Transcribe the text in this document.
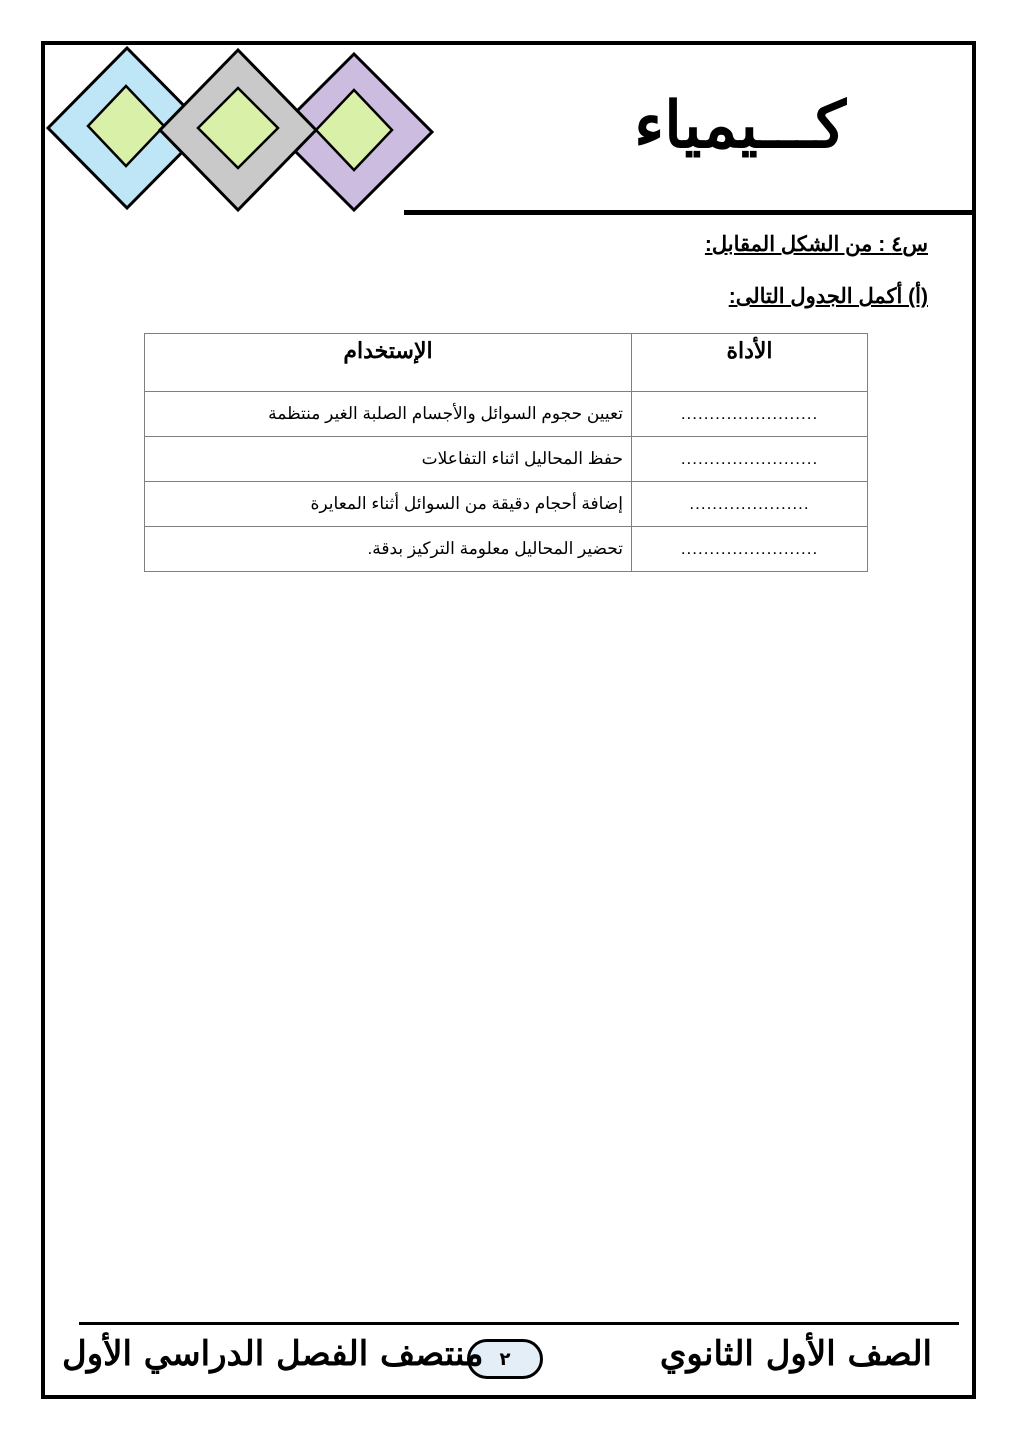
كـــيمياء
س٤ : من الشكل المقابل:
(أ) أكمل الجدول التالى:
الأداة	الإستخدام
........................	تعيين حجوم السوائل والأجسام الصلبة الغير منتظمة
........................	حفظ المحاليل اثناء التفاعلات
.....................	إضافة أحجام دقيقة من السوائل أثناء المعايرة
........................	تحضير المحاليل معلومة التركيز بدقة.
الصف الأول الثانوي
٢
منتصف الفصل الدراسي الأول
